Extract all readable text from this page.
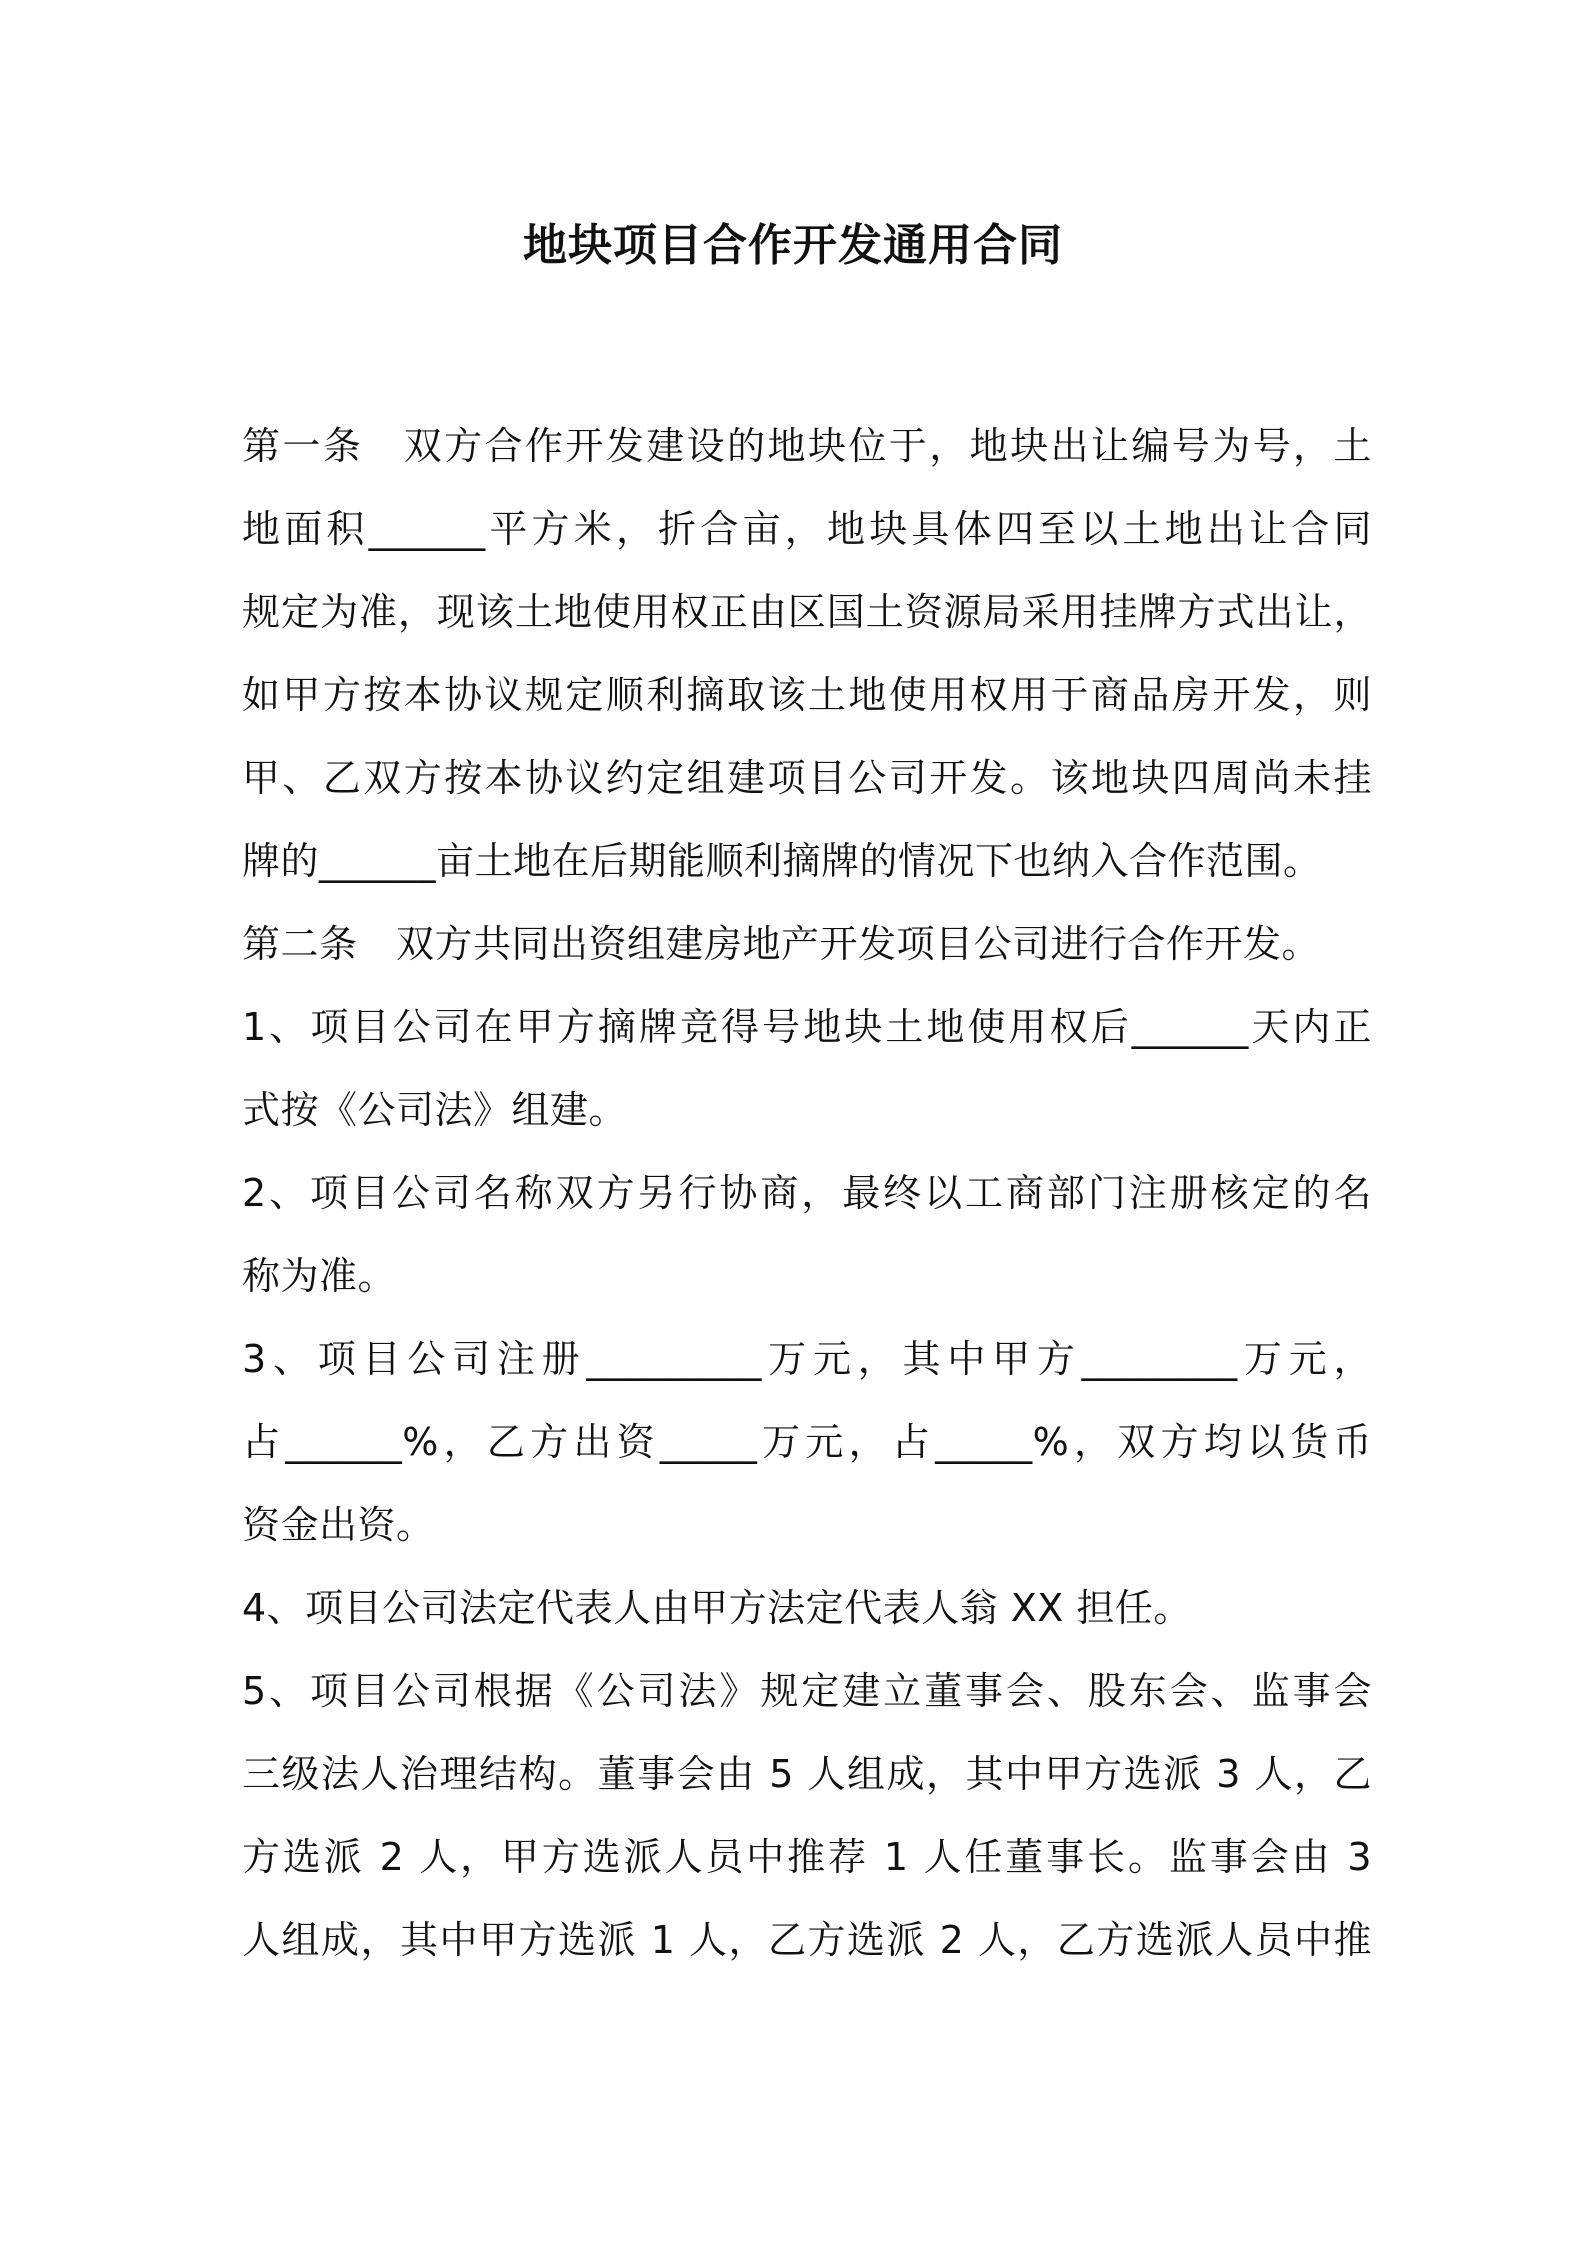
地块项目合作开发通用合同
第一条　双方合作开发建设的地块位于，地块出让编号为号，土
地面积______平方米，折合亩，地块具体四至以土地出让合同
规定为准，现该土地使用权正由区国土资源局采用挂牌方式出让，
如甲方按本协议规定顺利摘取该土地使用权用于商品房开发，则
甲、乙双方按本协议约定组建项目公司开发。该地块四周尚未挂
牌的______亩土地在后期能顺利摘牌的情况下也纳入合作范围。
第二条　双方共同出资组建房地产开发项目公司进行合作开发。
1、项目公司在甲方摘牌竞得号地块土地使用权后______天内正
式按《公司法》组建。
2、项目公司名称双方另行协商，最终以工商部门注册核定的名
称为准。
3、项目公司注册_________万元，其中甲方________万元，
占______%，乙方出资_____万元，占_____%，双方均以货币
资金出资。
4、项目公司法定代表人由甲方法定代表人翁 XX 担任。
5、项目公司根据《公司法》规定建立董事会、股东会、监事会
三级法人治理结构。董事会由 5 人组成，其中甲方选派 3 人，乙
方选派 2 人，甲方选派人员中推荐 1 人任董事长。监事会由 3
人组成，其中甲方选派 1 人，乙方选派 2 人，乙方选派人员中推
